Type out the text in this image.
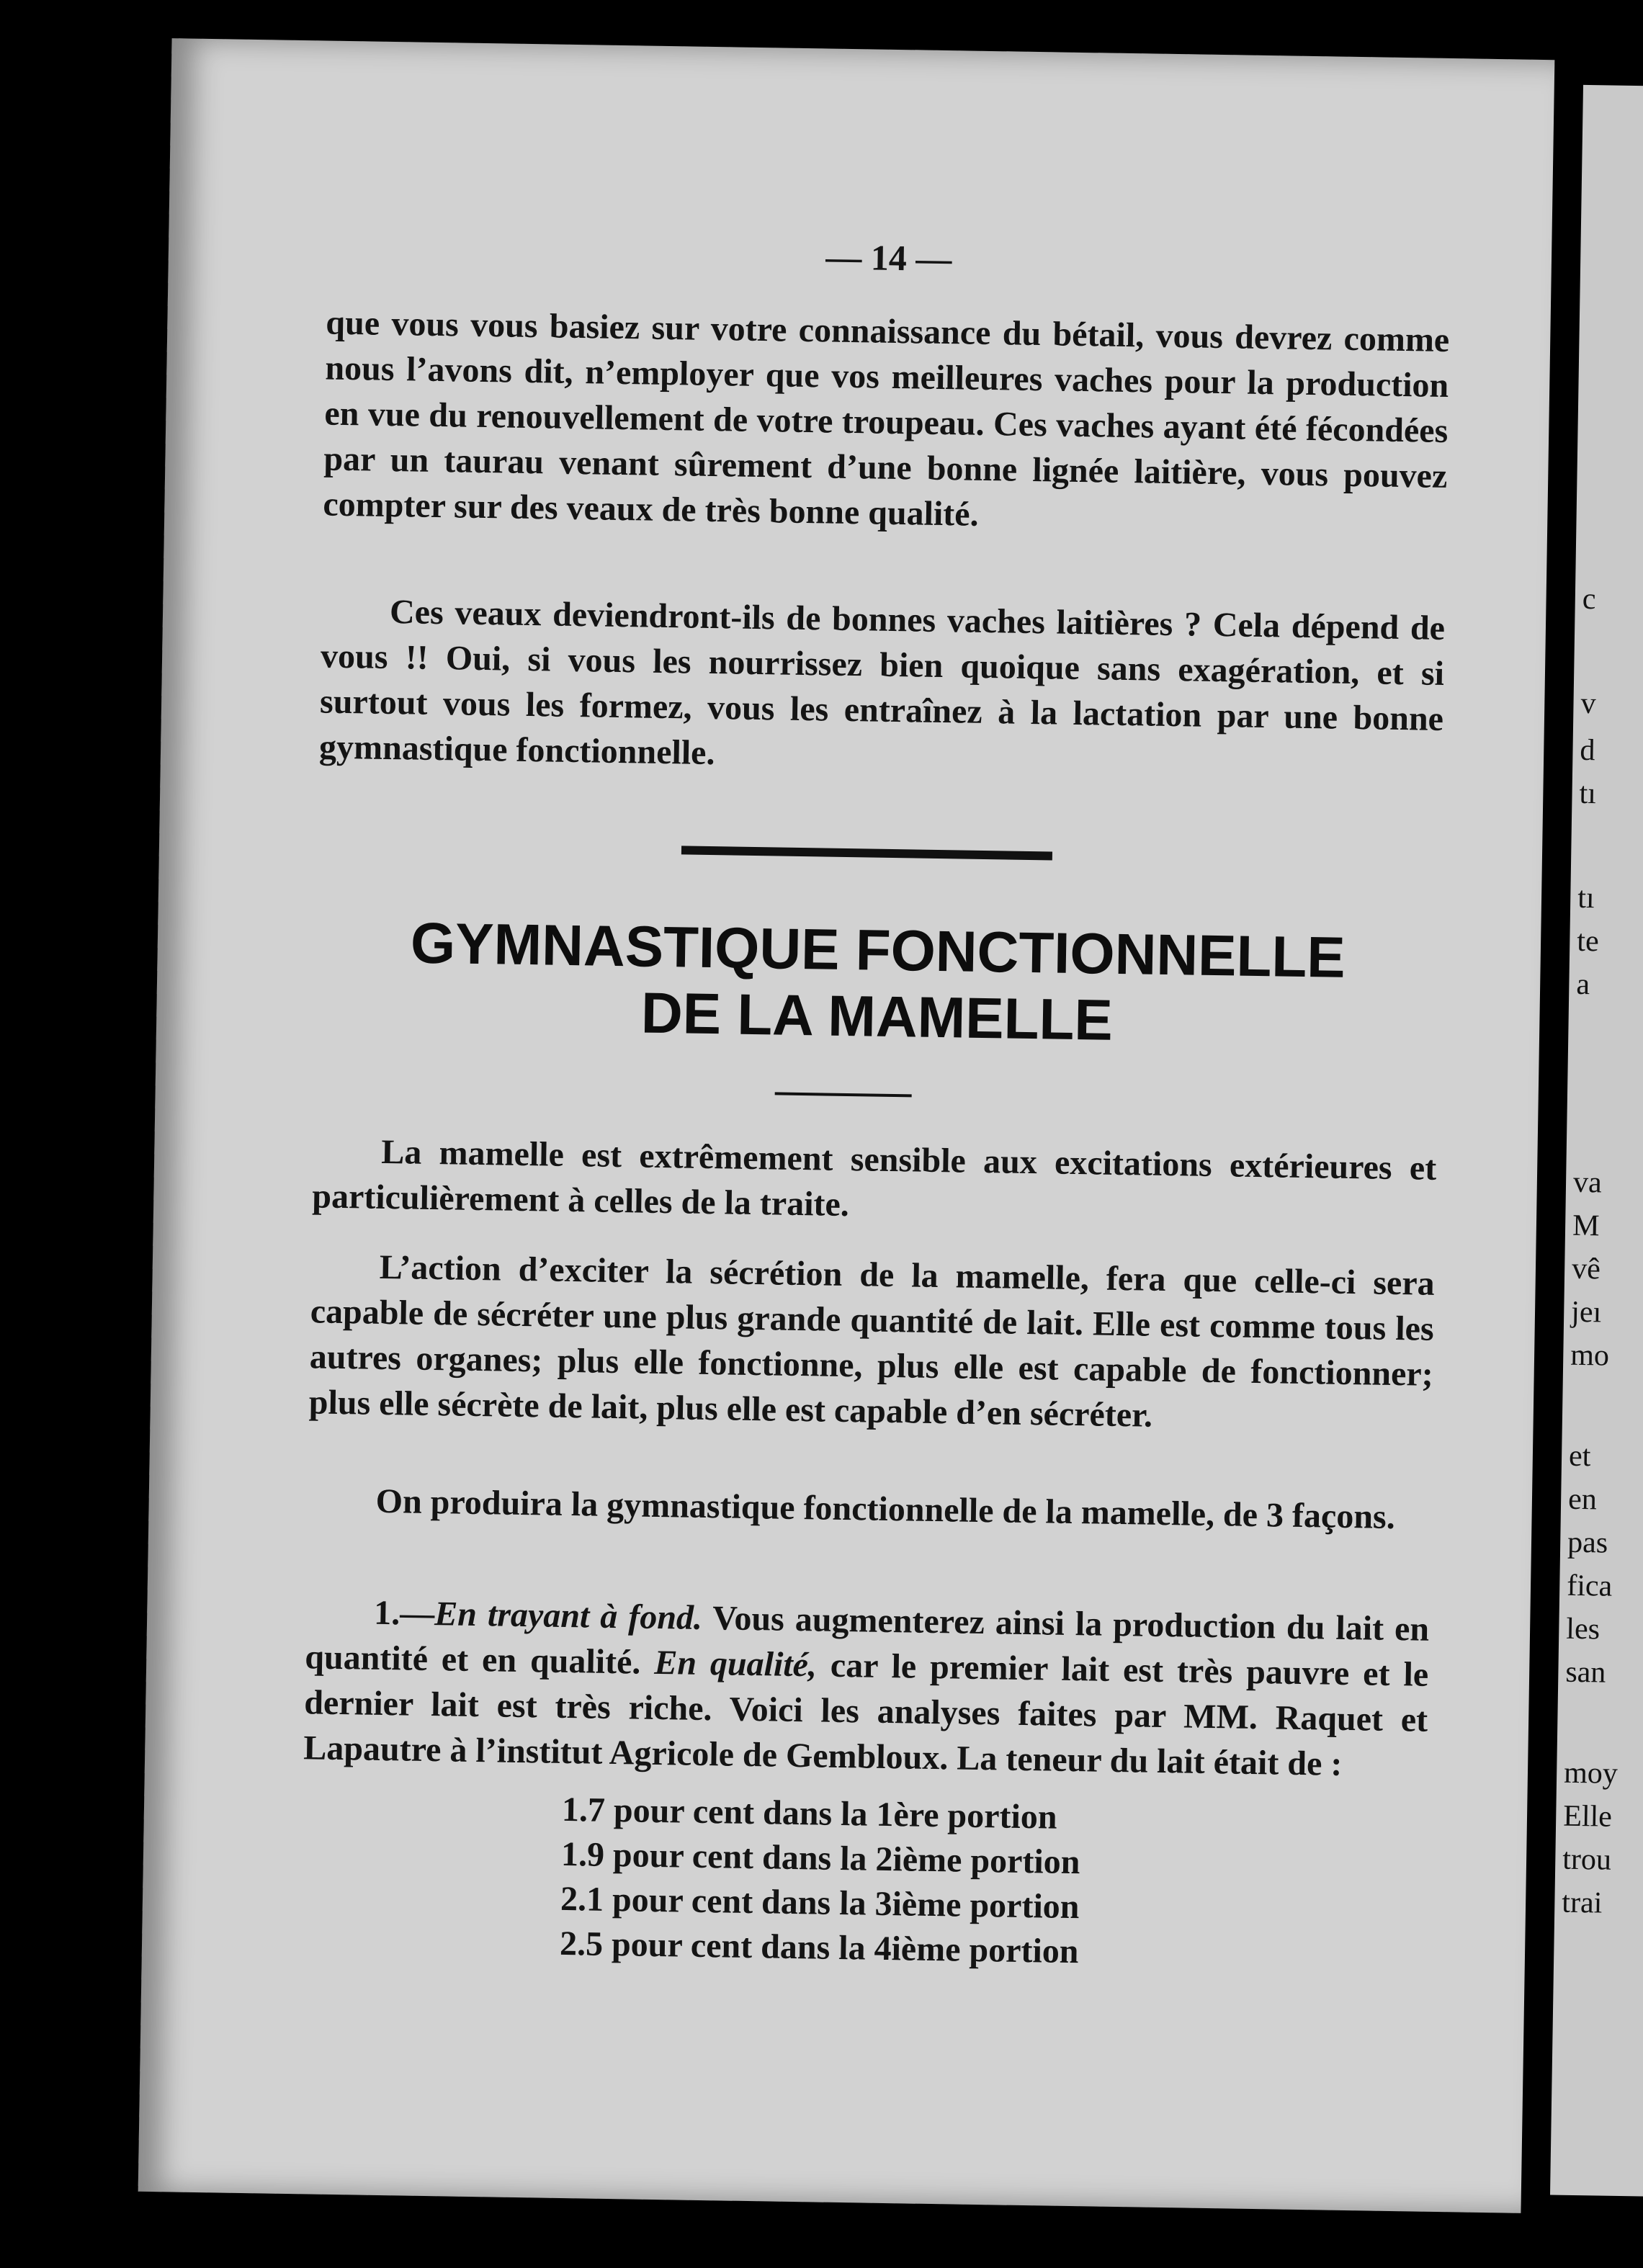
— 14 —
que vous vous basiez sur votre connaissance du bétail, vous devrez comme nous l’avons dit, n’employer que vos meilleures vaches pour la production en vue du renouvellement de votre troupeau. Ces vaches ayant été fécondées par un taurau venant sûrement d’une bonne lignée laitière, vous pouvez compter sur des veaux de très bonne qualité.
Ces veaux deviendront-ils de bonnes vaches laitières ? Cela dépend de vous !! Oui, si vous les nourrissez bien quoique sans exagération, et si surtout vous les formez, vous les entraînez à la lactation par une bonne gymnastique fonctionnelle.
GYMNASTIQUE FONCTIONNELLE
DE LA MAMELLE
La mamelle est extrêmement sensible aux excitations extérieures et particulièrement à celles de la traite.
L’action d’exciter la sécrétion de la mamelle, fera que celle-ci sera capable de sécréter une plus grande quantité de lait. Elle est comme tous les autres organes; plus elle fonctionne, plus elle est capable de fonctionner; plus elle sécrète de lait, plus elle est capable d’en sécréter.
On produira la gymnastique fonctionnelle de la mamelle, de 3 façons.
1.—En trayant à fond. Vous augmenterez ainsi la production du lait en quantité et en qualité. En qualité, car le premier lait est très pauvre et le dernier lait est très riche. Voici les analyses faites par MM. Raquet et Lapautre à l’institut Agricole de Gembloux. La teneur du lait était de :
1.7 pour cent dans la 1ère portion
1.9 pour cent dans la 2ième portion
2.1 pour cent dans la 3ième portion
2.5 pour cent dans la 4ième portion
c
v
d
tı
tı
te
a
va
M
vê
jeı
mo
et
en
pas
fica
les
san
moy
Elle
trou
trai
